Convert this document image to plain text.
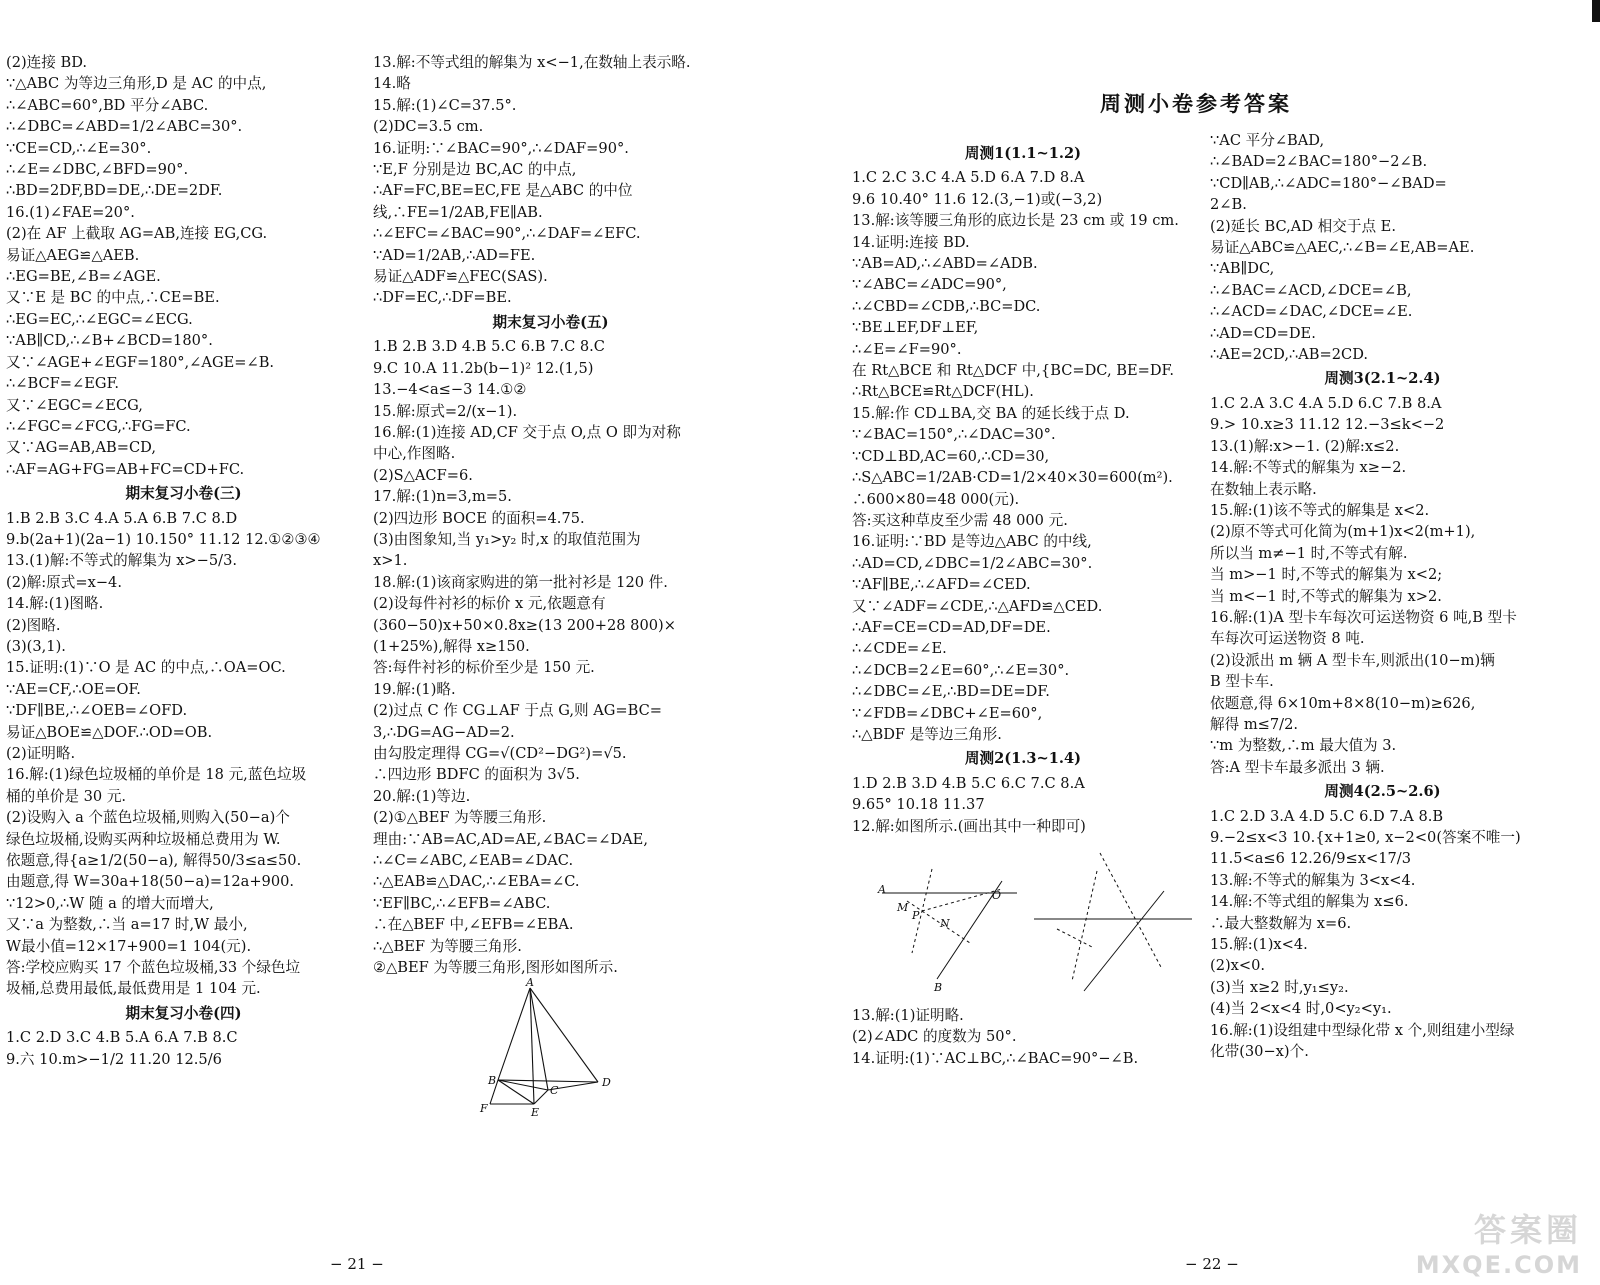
(2)连接 BD.
∵△ABC 为等边三角形,D 是 AC 的中点,
∴∠ABC=60°,BD 平分∠ABC.
∴∠DBC=∠ABD=1/2∠ABC=30°.
∵CE=CD,∴∠E=30°.
∴∠E=∠DBC,∠BFD=90°.
∴BD=2DF,BD=DE,∴DE=2DF.
16.(1)∠FAE=20°.
(2)在 AF 上截取 AG=AB,连接 EG,CG.
易证△AEG≌△AEB.
∴EG=BE,∠B=∠AGE.
又∵E 是 BC 的中点,∴CE=BE.
∴EG=EC,∴∠EGC=∠ECG.
∵AB∥CD,∴∠B+∠BCD=180°.
又∵∠AGE+∠EGF=180°,∠AGE=∠B.
∴∠BCF=∠EGF.
又∵∠EGC=∠ECG,
∴∠FGC=∠FCG,∴FG=FC.
又∵AG=AB,AB=CD,
∴AF=AG+FG=AB+FC=CD+FC.
期末复习小卷(三)
1.B 2.B 3.C 4.A 5.A 6.B 7.C 8.D
9.b(2a+1)(2a−1) 10.150° 11.12 12.①②③④
13.(1)解:不等式的解集为 x>−5/3.
(2)解:原式=x−4.
14.解:(1)图略.
(2)图略.
(3)(3,1).
15.证明:(1)∵O 是 AC 的中点,∴OA=OC.
∵AE=CF,∴OE=OF.
∵DF∥BE,∴∠OEB=∠OFD.
易证△BOE≌△DOF.∴OD=OB.
(2)证明略.
16.解:(1)绿色垃圾桶的单价是 18 元,蓝色垃圾
桶的单价是 30 元.
(2)设购入 a 个蓝色垃圾桶,则购入(50−a)个
绿色垃圾桶,设购买两种垃圾桶总费用为 W.
依题意,得{a≥1/2(50−a), 解得50/3≤a≤50.
由题意,得 W=30a+18(50−a)=12a+900.
∵12>0,∴W 随 a 的增大而增大,
又∵a 为整数,∴当 a=17 时,W 最小,
W最小值=12×17+900=1 104(元).
答:学校应购买 17 个蓝色垃圾桶,33 个绿色垃
圾桶,总费用最低,最低费用是 1 104 元.
期末复习小卷(四)
1.C 2.D 3.C 4.B 5.A 6.A 7.B 8.C
9.六 10.m>−1/2 11.20 12.5/6
13.解:不等式组的解集为 x<−1,在数轴上表示略.
14.略
15.解:(1)∠C=37.5°.
(2)DC=3.5 cm.
16.证明:∵∠BAC=90°,∴∠DAF=90°.
∵E,F 分别是边 BC,AC 的中点,
∴AF=FC,BE=EC,FE 是△ABC 的中位
线,∴FE=1/2AB,FE∥AB.
∴∠EFC=∠BAC=90°,∴∠DAF=∠EFC.
∵AD=1/2AB,∴AD=FE.
易证△ADF≌△FEC(SAS).
∴DF=EC,∴DF=BE.
期末复习小卷(五)
1.B 2.B 3.D 4.B 5.C 6.B 7.C 8.C
9.C 10.A 11.2b(b−1)² 12.(1,5)
13.−4<a≤−3 14.①②
15.解:原式=2/(x−1).
16.解:(1)连接 AD,CF 交于点 O,点 O 即为对称
中心,作图略.
(2)S△ACF=6.
17.解:(1)n=3,m=5.
(2)四边形 BOCE 的面积=4.75.
(3)由图象知,当 y₁>y₂ 时,x 的取值范围为
x>1.
18.解:(1)该商家购进的第一批衬衫是 120 件.
(2)设每件衬衫的标价 x 元,依题意有
(360−50)x+50×0.8x≥(13 200+28 800)×
(1+25%),解得 x≥150.
答:每件衬衫的标价至少是 150 元.
19.解:(1)略.
(2)过点 C 作 CG⊥AF 于点 G,则 AG=BC=
3,∴DG=AG−AD=2.
由勾股定理得 CG=√(CD²−DG²)=√5.
∴四边形 BDFC 的面积为 3√5.
20.解:(1)等边.
(2)①△BEF 为等腰三角形.
理由:∵AB=AC,AD=AE,∠BAC=∠DAE,
∴∠C=∠ABC,∠EAB=∠DAC.
∴△EAB≌△DAC,∴∠EBA=∠C.
∵EF∥BC,∴∠EFB=∠ABC.
∴在△BEF 中,∠EFB=∠EBA.
∴△BEF 为等腰三角形.
②△BEF 为等腰三角形,图形如图所示.
A
B
C
D
F	E
− 21 −
周测小卷参考答案
周测1(1.1~1.2)
1.C 2.C 3.C 4.A 5.D 6.A 7.D 8.A
9.6 10.40° 11.6 12.(3,−1)或(−3,2)
13.解:该等腰三角形的底边长是 23 cm 或 19 cm.
14.证明:连接 BD.
∵AB=AD,∴∠ABD=∠ADB.
∵∠ABC=∠ADC=90°,
∴∠CBD=∠CDB,∴BC=DC.
∵BE⊥EF,DF⊥EF,
∴∠E=∠F=90°.
在 Rt△BCE 和 Rt△DCF 中,{BC=DC, BE=DF.
∴Rt△BCE≌Rt△DCF(HL).
15.解:作 CD⊥BA,交 BA 的延长线于点 D.
∵∠BAC=150°,∴∠DAC=30°.
∵CD⊥BD,AC=60,∴CD=30,
∴S△ABC=1/2AB·CD=1/2×40×30=600(m²).
∴600×80=48 000(元).
答:买这种草皮至少需 48 000 元.
16.证明:∵BD 是等边△ABC 的中线,
∴AD=CD,∠DBC=1/2∠ABC=30°.
∵AF∥BE,∴∠AFD=∠CED.
又∵∠ADF=∠CDE,∴△AFD≌△CED.
∴AF=CE=CD=AD,DF=DE.
∴∠CDE=∠E.
∴∠DCB=2∠E=60°,∴∠E=30°.
∴∠DBC=∠E,∴BD=DE=DF.
∵∠FDB=∠DBC+∠E=60°,
∴△BDF 是等边三角形.
周测2(1.3~1.4)
1.D 2.B 3.D 4.B 5.C 6.C 7.C 8.A
9.65° 10.18 11.37
12.解:如图所示.(画出其中一种即可)
A
M
P
N
O
B
13.解:(1)证明略.
(2)∠ADC 的度数为 50°.
14.证明:(1)∵AC⊥BC,∴∠BAC=90°−∠B.
∵AC 平分∠BAD,
∴∠BAD=2∠BAC=180°−2∠B.
∵CD∥AB,∴∠ADC=180°−∠BAD=
2∠B.
(2)延长 BC,AD 相交于点 E.
易证△ABC≌△AEC,∴∠B=∠E,AB=AE.
∵AB∥DC,
∴∠BAC=∠ACD,∠DCE=∠B,
∴∠ACD=∠DAC,∠DCE=∠E.
∴AD=CD=DE.
∴AE=2CD,∴AB=2CD.
周测3(2.1~2.4)
1.C 2.A 3.C 4.A 5.D 6.C 7.B 8.A
9.> 10.x≥3 11.12 12.−3≤k<−2
13.(1)解:x>−1. (2)解:x≤2.
14.解:不等式的解集为 x≥−2.
在数轴上表示略.
15.解:(1)该不等式的解集是 x<2.
(2)原不等式可化简为(m+1)x<2(m+1),
所以当 m≠−1 时,不等式有解.
当 m>−1 时,不等式的解集为 x<2;
当 m<−1 时,不等式的解集为 x>2.
16.解:(1)A 型卡车每次可运送物资 6 吨,B 型卡
车每次可运送物资 8 吨.
(2)设派出 m 辆 A 型卡车,则派出(10−m)辆
B 型卡车.
依题意,得 6×10m+8×8(10−m)≥626,
解得 m≤7/2.
∵m 为整数,∴m 最大值为 3.
答:A 型卡车最多派出 3 辆.
周测4(2.5~2.6)
1.C 2.D 3.A 4.D 5.C 6.D 7.A 8.B
9.−2≤x<3 10.{x+1≥0, x−2<0(答案不唯一)
11.5<a≤6 12.26/9≤x<17/3
13.解:不等式的解集为 3<x<4.
14.解:不等式组的解集为 x≤6.
∴最大整数解为 x=6.
15.解:(1)x<4.
(2)x<0.
(3)当 x≥2 时,y₁≤y₂.
(4)当 2<x<4 时,0<y₂<y₁.
16.解:(1)设组建中型绿化带 x 个,则组建小型绿
化带(30−x)个.
− 22 −
答案圈
MXQE.COM
